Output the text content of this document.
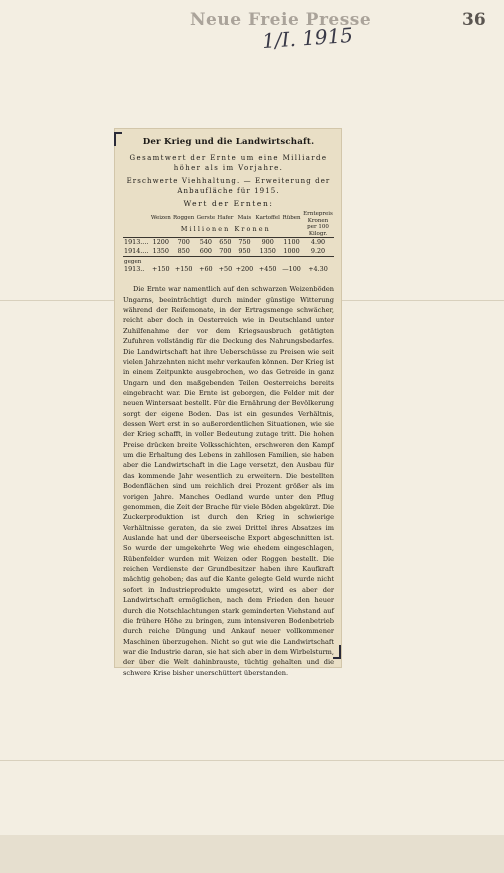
Neue Freie Presse
1/I. 1915
36
Der Krieg und die Landwirtschaft.
Gesamtwert der Ernte um eine Milliarde höher als im Vorjahre.
Erschwerte Viehhaltung. — Erweiterung der Anbaufläche für 1915.
Wert der Ernten:
	Weizen	Roggen	Gerste	Hafer	Mais	Kartoffel	Rüben	Erntepreis Kronen per 100 Kilogr.
	Millionen Kronen							
1913....	1200	700	540	650	750	900	1100	4.90
1914....	1350	850	600	700	950	1350	1000	9.20

gegen
1913..	+150	+150	+60	+50	+200	+450	—100	+4.30

Die Ernte war namentlich auf den schwarzen Weizenböden Ungarns, beeinträchtigt durch minder günstige Witterung während der Reifemonate, in der Ertragsmenge schwächer, reicht aber doch in Oesterreich wie in Deutschland unter Zuhilfenahme der vor dem Kriegsausbruch getätigten Zufuhren vollständig für die Deckung des Nahrungsbedarfes. Die Landwirtschaft hat ihre Ueberschüsse zu Preisen wie seit vielen Jahrzehnten nicht mehr verkaufen können. Der Krieg ist in einem Zeitpunkte ausgebrochen, wo das Getreide in ganz Ungarn und den maßgebenden Teilen Oesterreichs bereits eingebracht war. Die Ernte ist geborgen, die Felder mit der neuen Wintersaat bestellt. Für die Ernährung der Bevölkerung sorgt der eigene Boden. Das ist ein gesundes Verhältnis, dessen Wert erst in so außerordentlichen Situationen, wie sie der Krieg schafft, in voller Bedeutung zutage tritt. Die hohen Preise drücken breite Volksschichten, erschweren den Kampf um die Erhaltung des Lebens in zahllosen Familien, sie haben aber die Landwirtschaft in die Lage versetzt, den Ausbau für das kommende Jahr wesentlich zu erweitern. Die bestellten Bodenflächen sind um reichlich drei Prozent größer als im vorigen Jahre. Manches Oedland wurde unter den Pflug genommen, die Zeit der Brache für viele Böden abgekürzt. Die Zuckerproduktion ist durch den Krieg in schwierige Verhältnisse geraten, da sie zwei Drittel ihres Absatzes im Auslande hat und der überseeische Export abgeschnitten ist. So wurde der umgekehrte Weg wie ehedem eingeschlagen, Rübenfelder wurden mit Weizen oder Roggen bestellt. Die reichen Verdienste der Grundbesitzer haben ihre Kaufkraft mächtig gehoben; das auf die Kante gelegte Geld wurde nicht sofort in Industrieprodukte umgesetzt, wird es aber der Landwirtschaft ermöglichen, nach dem Frieden den heuer durch die Notschlachtungen stark geminderten Viehstand auf die frühere Höhe zu bringen, zum intensiveren Bodenbetrieb durch reiche Düngung und Ankauf neuer vollkommener Maschinen überzugehen. Nicht so gut wie die Landwirtschaft war die Industrie daran, sie hat sich aber in dem Wirbelsturm, der über die Welt dahinbrauste, tüchtig gehalten und die schwere Krise bisher unerschüttert überstanden.
